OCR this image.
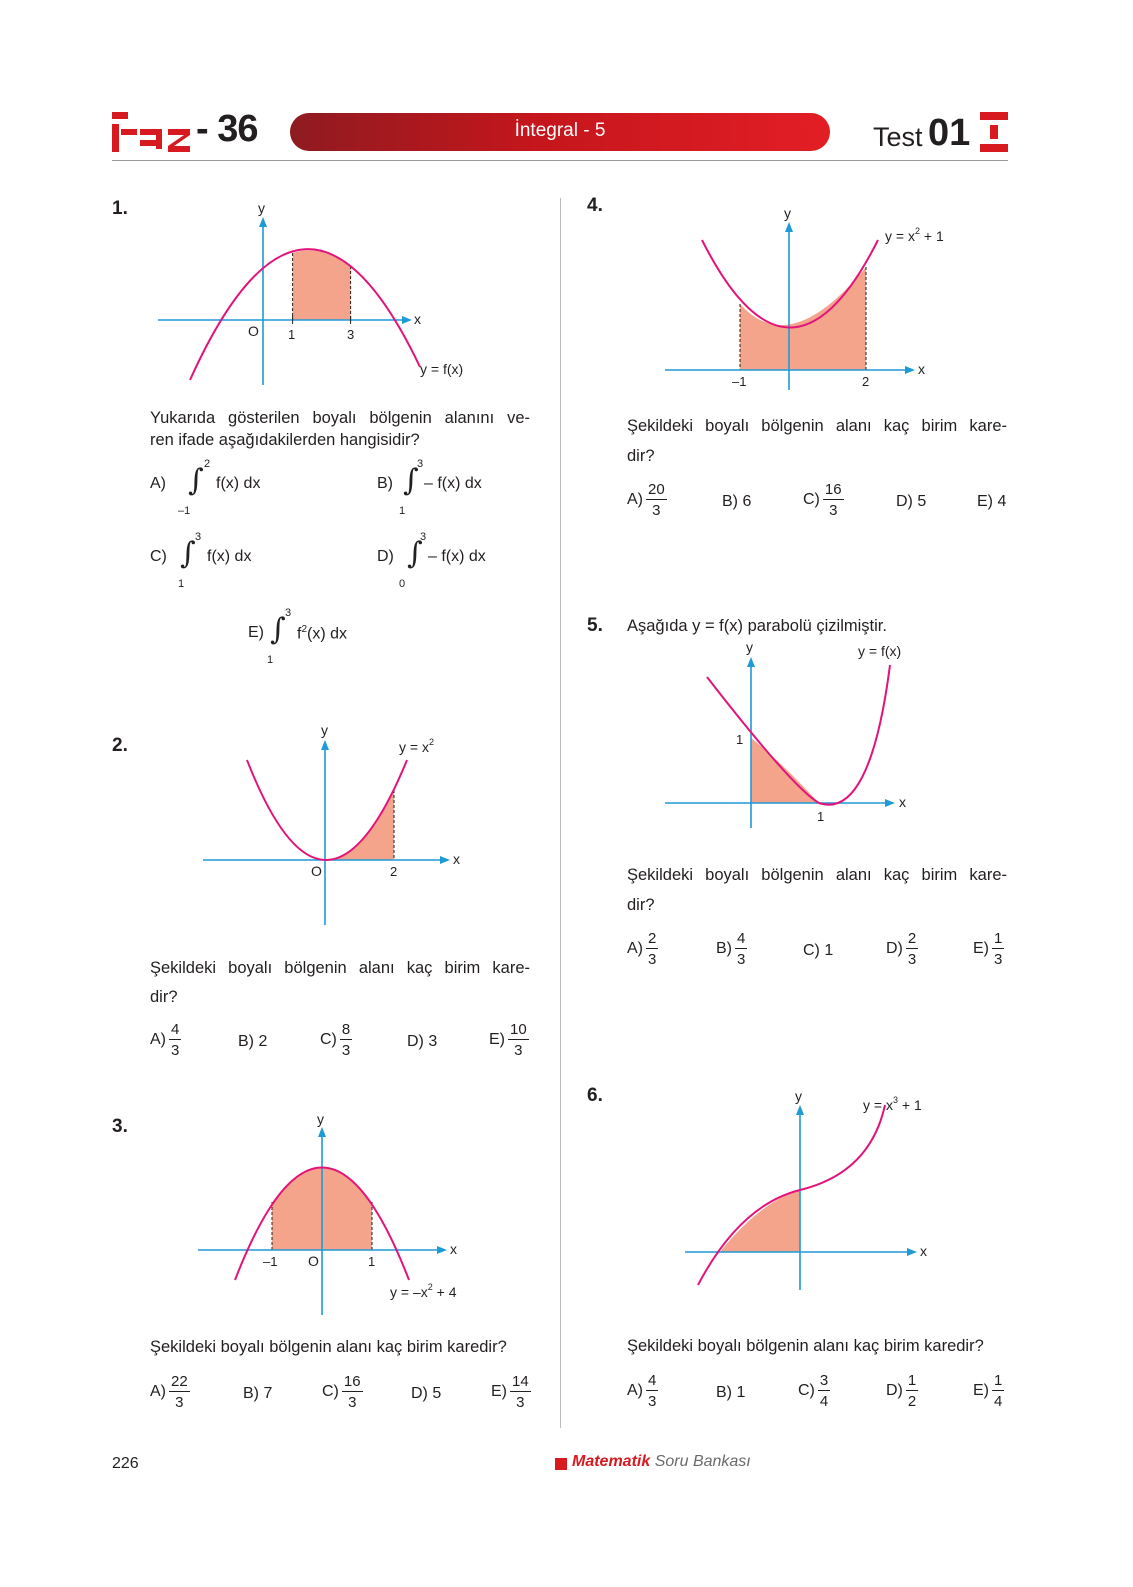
- 36	İntegral - 5	Test 01
1.	y
x
O 1	3
y = f(x)
Yukarıda gösterilen boyalı bölgenin alanını ve-
ren ifade aşağıdakilerden hangisidir?
A) ∫ 2
–1
f(x) dx	B) ∫
3
1
– f(x) dx
C) ∫ 3
1
f(x) dx	D) ∫
3
0
– f(x) dx
E) ∫ 3
1
$f^2(x)$ dx
2.
y
x
O	2
$y = x^2$
Şekildeki boyalı bölgenin alanı kaç birim kare-
dir?
$A) \frac{4}{3}$	B)
2	$C) \frac{8}{3}$	D)
3	$E) \frac{10}{3}$
3.	y
x
O
–1	1
$y = -x^2 + 4$
Şekildeki boyalı bölgenin alanı kaç birim karedir?
$A) \frac{22}{3}$	B)
7	$C) \frac{16}{3}$	D)
5	$E) \frac{14}{3}$
4.	y
x
–1	2
$y = x^2 + 1$
Şekildeki boyalı bölgenin alanı kaç birim kare-
dir?
$A) \frac{20}{3}$	B)
6	$C) \frac{16}{3}$	D)
5	E)
4
5. Aşağıda y = f(x) parabolü çizilmiştir.
y
x
1
1
y = f(x)
Şekildeki boyalı bölgenin alanı kaç birim kare-
dir?
$A) \frac{2}{3}$	$B) \frac{4}{3}$	C)
1	$D) \frac{2}{3}$	$E) \frac{1}{3}$
6.	y
x
$y = x^3 + 1$
Şekildeki boyalı bölgenin alanı kaç birim karedir?
$A) \frac{4}{3}$	B)
1	$C) \frac{3}{4}$	$D) \frac{1}{2}$	$E) \frac{1}{4}$
226	Matematik Soru Bankası
